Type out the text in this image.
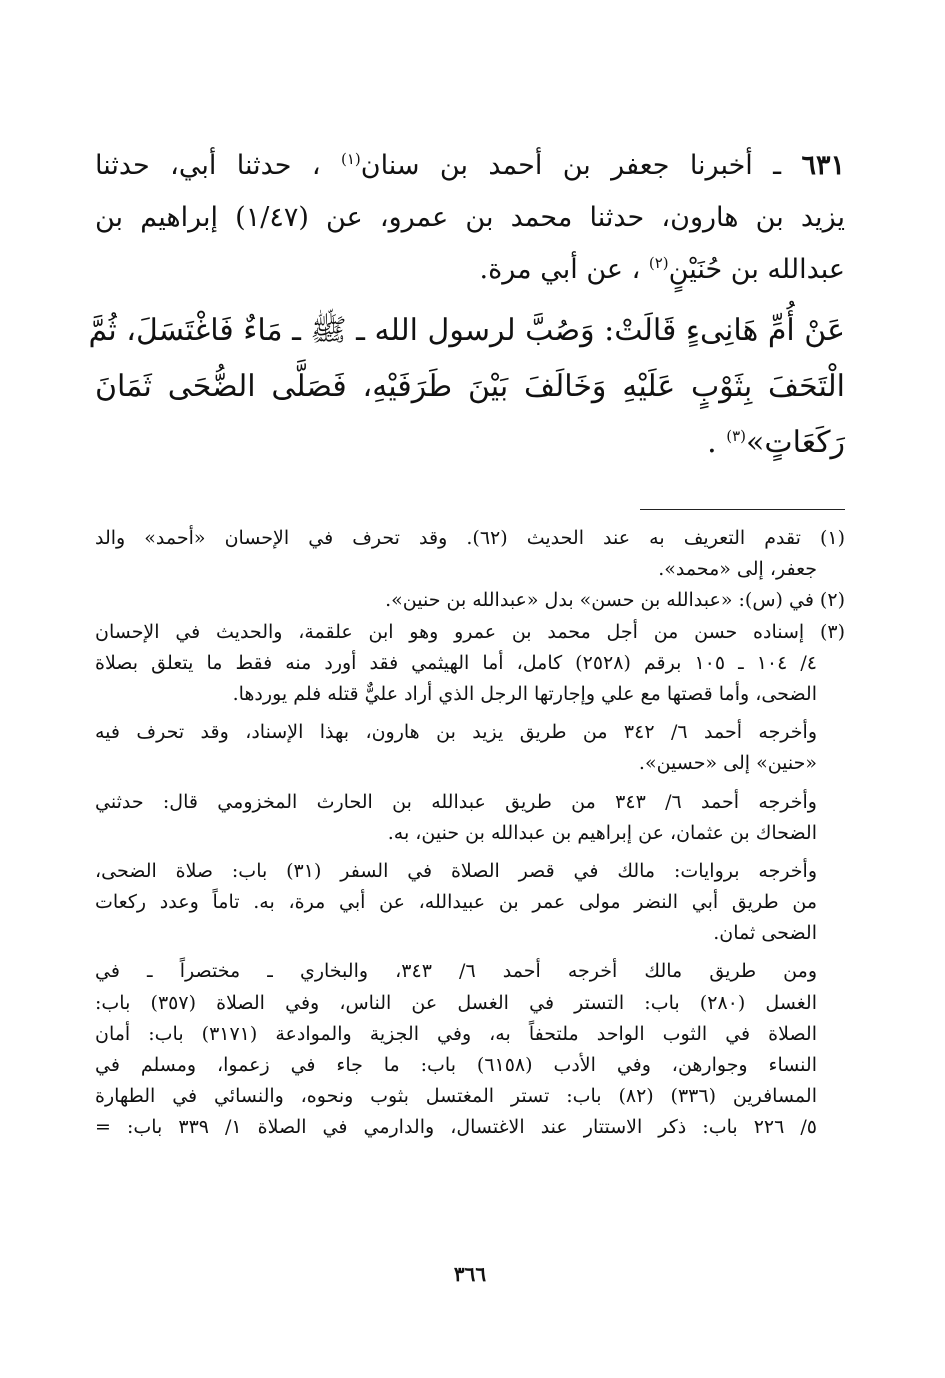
٦٣١ ـ أخبرنا جعفر بن أحمد بن سنان$^{(١)}$ ، حدثنا أبي، حدثنا
يزيد بن هارون، حدثنا محمد بن عمرو، عن (١/٤٧) إبراهيم بن
عبدالله بن حُنَيْنٍ$^{(٢)}$ ، عن أبي مرة.
عَنْ أُمِّ هَانِىءٍ قَالَتْ: وَصُبَّ لرسول الله ـ ﷺ ـ مَاءٌ فَاغْتَسَلَ، ثُمَّ
الْتَحَفَ بِثَوْبٍ عَلَيْهِ وَخَالَفَ بَيْنَ طَرَفَيْهِ، فَصَلَّى الضُّحَى ثَمَانَ
رَكَعَاتٍ»$^{(٣)}$ .
(١) تقدم التعريف به عند الحديث (٦٢). وقد تحرف في الإحسان «أحمد» والد
جعفر، إلى «محمد».
(٢) في (س): «عبدالله بن حسن» بدل «عبدالله بن حنين».
(٣) إسناده حسن من أجل محمد بن عمرو وهو ابن علقمة، والحديث في الإحسان
٤/ ١٠٤ ـ ١٠٥ برقم (٢٥٢٨) كامل، أما الهيثمي فقد أورد منه فقط ما يتعلق بصلاة
الضحى، وأما قصتها مع علي وإجارتها الرجل الذي أراد عليٌّ قتله فلم يوردها.
وأخرجه أحمد ٦/ ٣٤٢ من طريق يزيد بن هارون، بهذا الإسناد، وقد تحرف فيه
«حنين» إلى «حسين».
وأخرجه أحمد ٦/ ٣٤٣ من طريق عبدالله بن الحارث المخزومي قال: حدثني
الضحاك بن عثمان، عن إبراهيم بن عبدالله بن حنين، به.
وأخرجه بروايات: مالك في قصر الصلاة في السفر (٣١) باب: صلاة الضحى،
من طريق أبي النضر مولى عمر بن عبيدالله، عن أبي مرة، به. تاماً وعدد ركعات
الضحى ثمان.
ومن طريق مالك أخرجه أحمد ٦/ ٣٤٣، والبخاري ـ مختصراً ـ في
الغسل (٢٨٠) باب: التستر في الغسل عن الناس، وفي الصلاة (٣٥٧) باب:
الصلاة في الثوب الواحد ملتحفاً به، وفي الجزية والموادعة (٣١٧١) باب: أمان
النساء وجوارهن، وفي الأدب (٦١٥٨) باب: ما جاء في زعموا، ومسلم في
المسافرين (٣٣٦) (٨٢) باب: تستر المغتسل بثوب ونحوه، والنسائي في الطهارة
٥/ ٢٢٦ باب: ذكر الاستتار عند الاغتسال، والدارمي في الصلاة ١/ ٣٣٩ باب: =
٣٦٦
